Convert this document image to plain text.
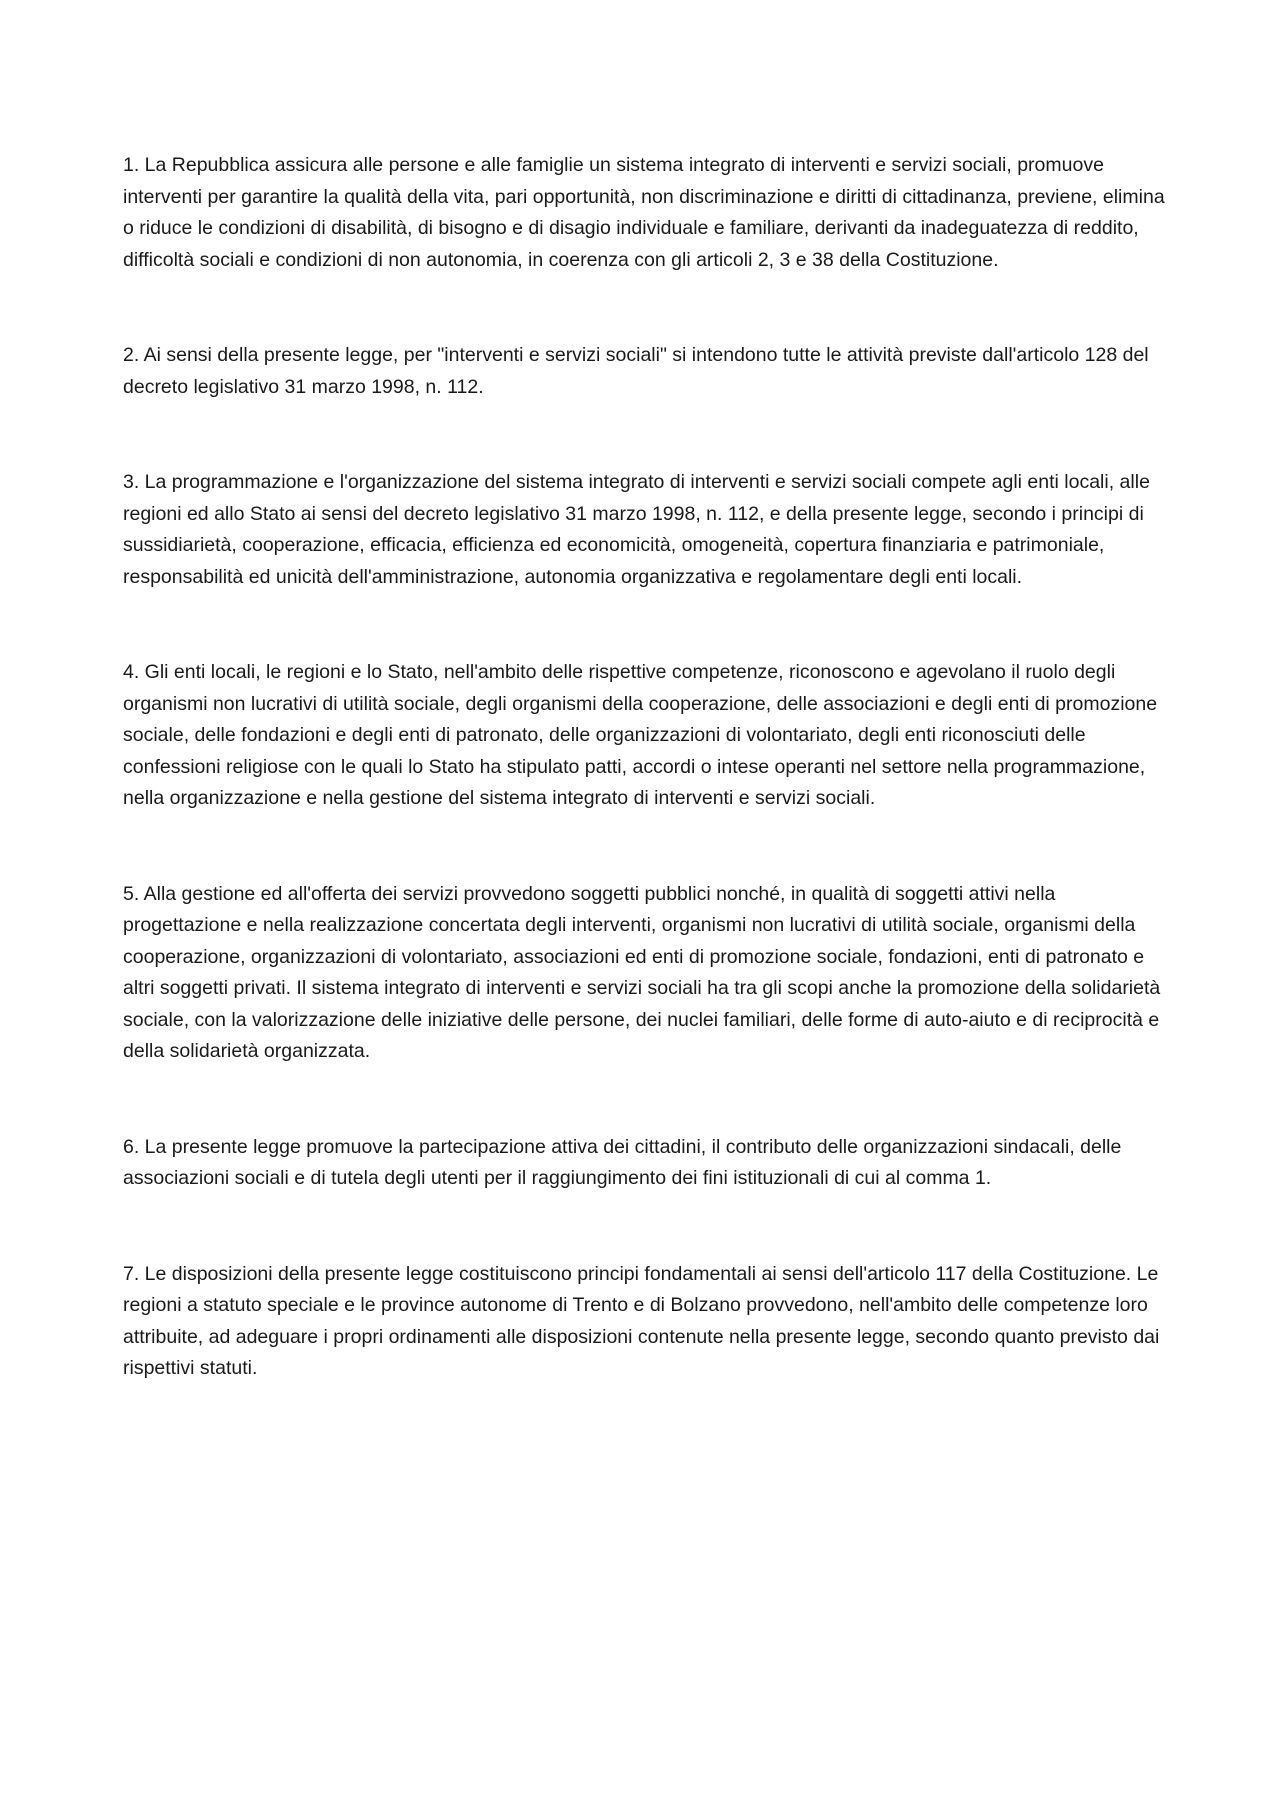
1. La Repubblica assicura alle persone e alle famiglie un sistema integrato di interventi e servizi sociali, promuove interventi per garantire la qualità della vita, pari opportunità, non discriminazione e diritti di cittadinanza, previene, elimina o riduce le condizioni di disabilità, di bisogno e di disagio individuale e familiare, derivanti da inadeguatezza di reddito, difficoltà sociali e condizioni di non autonomia, in coerenza con gli articoli 2, 3 e 38 della Costituzione.

2. Ai sensi della presente legge, per "interventi e servizi sociali" si intendono tutte le attività previste dall'articolo 128 del decreto legislativo 31 marzo 1998, n. 112.

3. La programmazione e l'organizzazione del sistema integrato di interventi e servizi sociali compete agli enti locali, alle regioni ed allo Stato ai sensi del decreto legislativo 31 marzo 1998, n. 112, e della presente legge, secondo i principi di sussidiarietà, cooperazione, efficacia, efficienza ed economicità, omogeneità, copertura finanziaria e patrimoniale, responsabilità ed unicità dell'amministrazione, autonomia organizzativa e regolamentare degli enti locali.

4. Gli enti locali, le regioni e lo Stato, nell'ambito delle rispettive competenze, riconoscono e agevolano il ruolo degli organismi non lucrativi di utilità sociale, degli organismi della cooperazione, delle associazioni e degli enti di promozione sociale, delle fondazioni e degli enti di patronato, delle organizzazioni di volontariato, degli enti riconosciuti delle confessioni religiose con le quali lo Stato ha stipulato patti, accordi o intese operanti nel settore nella programmazione, nella organizzazione e nella gestione del sistema integrato di interventi e servizi sociali.

5. Alla gestione ed all'offerta dei servizi provvedono soggetti pubblici nonché, in qualità di soggetti attivi nella progettazione e nella realizzazione concertata degli interventi, organismi non lucrativi di utilità sociale, organismi della cooperazione, organizzazioni di volontariato, associazioni ed enti di promozione sociale, fondazioni, enti di patronato e altri soggetti privati. Il sistema integrato di interventi e servizi sociali ha tra gli scopi anche la promozione della solidarietà sociale, con la valorizzazione delle iniziative delle persone, dei nuclei familiari, delle forme di auto-aiuto e di reciprocità e della solidarietà organizzata.

6. La presente legge promuove la partecipazione attiva dei cittadini, il contributo delle organizzazioni sindacali, delle associazioni sociali e di tutela degli utenti per il raggiungimento dei fini istituzionali di cui al comma 1.

7. Le disposizioni della presente legge costituiscono principi fondamentali ai sensi dell'articolo 117 della Costituzione. Le regioni a statuto speciale e le province autonome di Trento e di Bolzano provvedono, nell'ambito delle competenze loro attribuite, ad adeguare i propri ordinamenti alle disposizioni contenute nella presente legge, secondo quanto previsto dai rispettivi statuti.
